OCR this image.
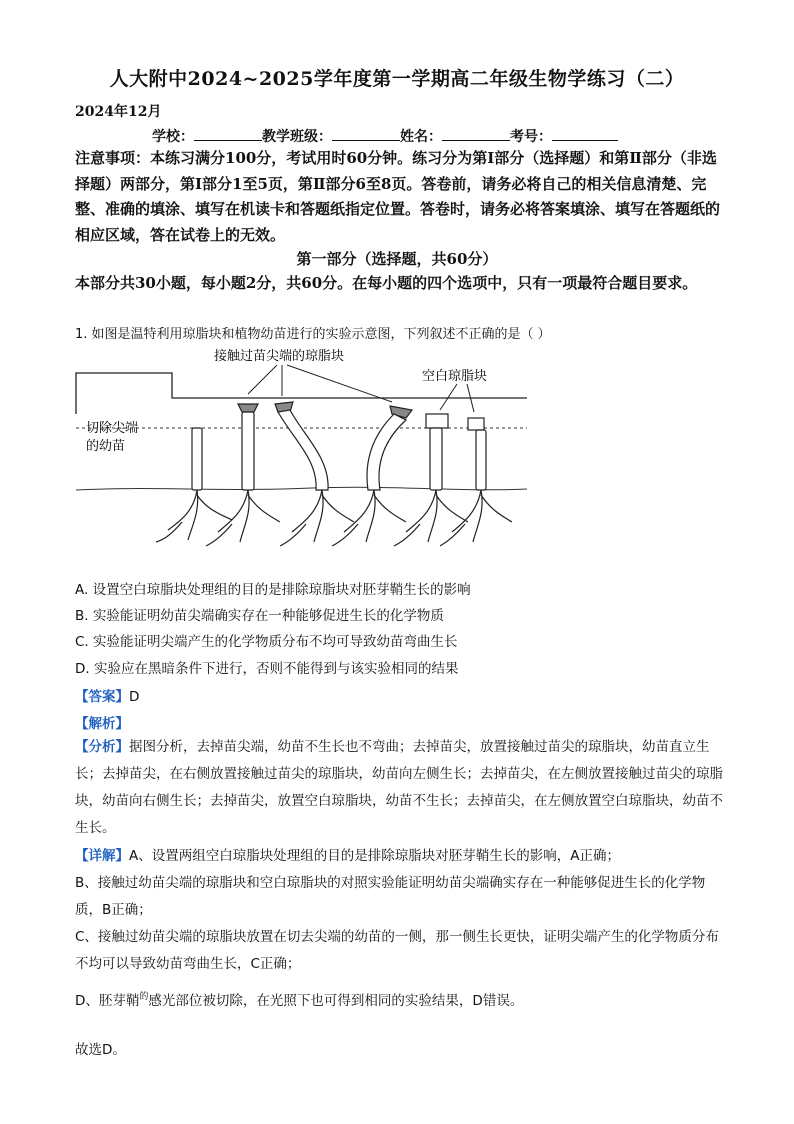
人大附中2024~2025学年度第一学期高二年级生物学练习（二）
2024年12月
学校：	教学班级：	姓名：	考号：
注意事项：本练习满分100分，考试用时60分钟。练习分为第Ⅰ部分（选择题）和第Ⅱ部分（非选择题）两部分，第Ⅰ部分1至5页，第Ⅱ部分6至8页。答卷前，请务必将自己的相关信息清楚、完整、准确的填涂、填写在机读卡和答题纸指定位置。答卷时，请务必将答案填涂、填写在答题纸的相应区域，答在试卷上的无效。
第一部分（选择题，共60分）
本部分共30小题，每小题2分，共60分。在每小题的四个选项中，只有一项最符合题目要求。
1. 如图是温特利用琼脂块和植物幼苗进行的实验示意图，下列叙述不正确的是（ ）
接触过苗尖端的琼脂块
空白琼脂块
切除尖端
的幼苗
A. 设置空白琼脂块处理组的目的是排除琼脂块对胚芽鞘生长的影响
B. 实验能证明幼苗尖端确实存在一种能够促进生长的化学物质
C. 实验能证明尖端产生的化学物质分布不均可导致幼苗弯曲生长
D. 实验应在黑暗条件下进行，否则不能得到与该实验相同的结果
【答案】D
【解析】
【分析】据图分析，去掉苗尖端，幼苗不生长也不弯曲；去掉苗尖，放置接触过苗尖的琼脂块，幼苗直立生长；去掉苗尖，在右侧放置接触过苗尖的琼脂块，幼苗向左侧生长；去掉苗尖，在左侧放置接触过苗尖的琼脂块，幼苗向右侧生长；去掉苗尖，放置空白琼脂块，幼苗不生长；去掉苗尖，在左侧放置空白琼脂块，幼苗不生长。
【详解】A、设置两组空白琼脂块处理组的目的是排除琼脂块对胚芽鞘生长的影响，A正确；
B、接触过幼苗尖端的琼脂块和空白琼脂块的对照实验能证明幼苗尖端确实存在一种能够促进生长的化学物质，B正确；
C、接触过幼苗尖端的琼脂块放置在切去尖端的幼苗的一侧，那一侧生长更快，证明尖端产生的化学物质分布不均可以导致幼苗弯曲生长，C正确；
D、胚芽鞘$^的$感光部位被切除，在光照下也可得到相同的实验结果，D错误。
故选D。
